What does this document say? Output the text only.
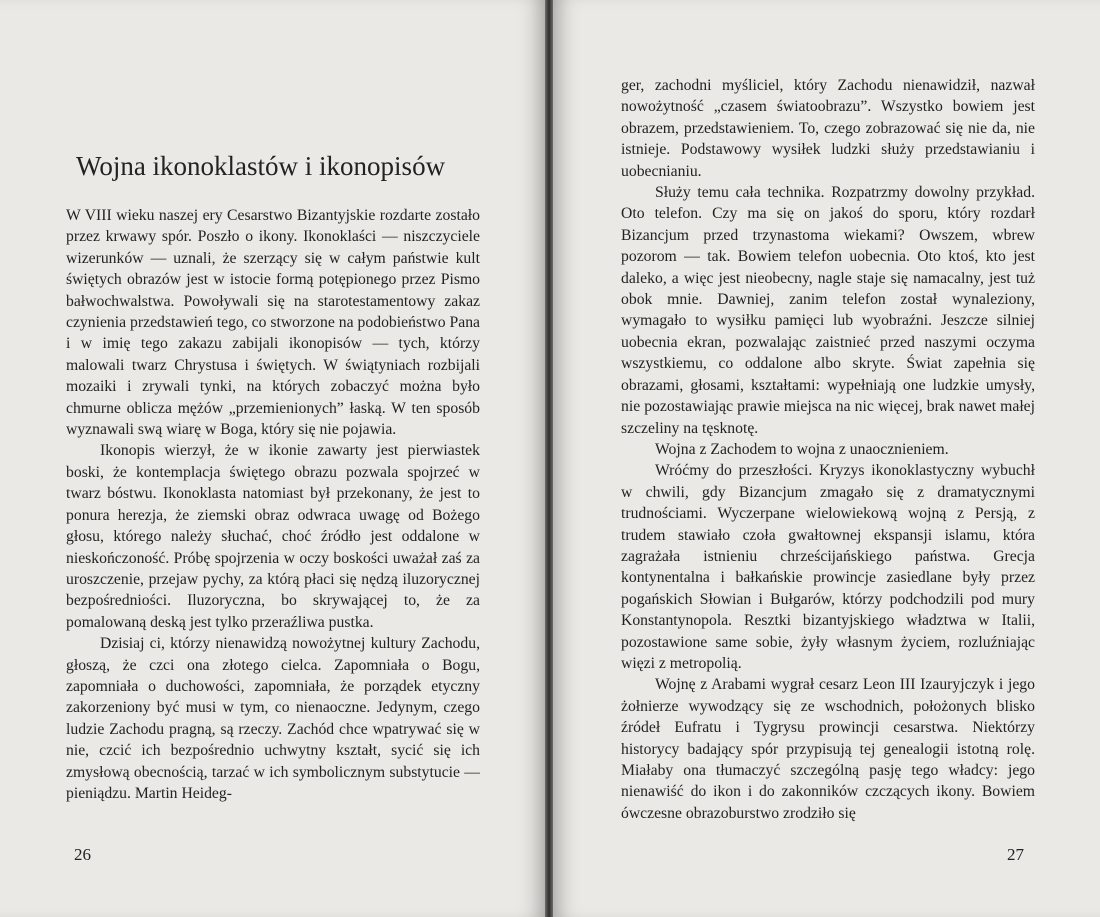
Wojna ikonoklastów i ikonopisów

W VIII wieku naszej ery Cesarstwo Bizantyjskie rozdarte zostało przez krwawy spór. Poszło o ikony. Ikonoklaści — niszczyciele wizerunków — uznali, że szerzący się w całym państwie kult świętych obrazów jest w istocie formą potępionego przez Pismo bałwochwalstwa. Powoływali się na starotestamentowy zakaz czynienia przedstawień tego, co stworzone na podobieństwo Pana i w imię tego zakazu zabijali ikonopisów — tych, którzy malowali twarz Chrystusa i świętych. W świątyniach rozbijali mozaiki i zrywali tynki, na których zobaczyć można było chmurne oblicza mężów „przemienionych” łaską. W ten sposób wyznawali swą wiarę w Boga, który się nie pojawia.

Ikonopis wierzył, że w ikonie zawarty jest pierwiastek boski, że kontemplacja świętego obrazu pozwala spojrzeć w twarz bóstwu. Ikonoklasta natomiast był przekonany, że jest to ponura herezja, że ziemski obraz odwraca uwagę od Bożego głosu, którego należy słuchać, choć źródło jest oddalone w nieskończoność. Próbę spojrzenia w oczy boskości uważał zaś za uroszczenie, przejaw pychy, za którą płaci się nędzą iluzorycznej bezpośredniości. Iluzoryczna, bo skrywającej to, że za pomalowaną deską jest tylko przeraźliwa pustka.

Dzisiaj ci, którzy nienawidzą nowożytnej kultury Zachodu, głoszą, że czci ona złotego cielca. Zapomniała o Bogu, zapomniała o duchowości, zapomniała, że porządek etyczny zakorzeniony być musi w tym, co nienaoczne. Jedynym, czego ludzie Zachodu pragną, są rzeczy. Zachód chce wpatrywać się w nie, czcić ich bezpośrednio uchwytny kształt, sycić się ich zmysłową obecnością, tarzać w ich symbolicznym substytucie — pieniądzu. Martin Heideg-

26

ger, zachodni myśliciel, który Zachodu nienawidził, nazwał nowożytność „czasem światoobrazu”. Wszystko bowiem jest obrazem, przedstawieniem. To, czego zobrazować się nie da, nie istnieje. Podstawowy wysiłek ludzki służy przedstawianiu i uobecnianiu.

Służy temu cała technika. Rozpatrzmy dowolny przykład. Oto telefon. Czy ma się on jakoś do sporu, który rozdarł Bizancjum przed trzynastoma wiekami? Owszem, wbrew pozorom — tak. Bowiem telefon uobecnia. Oto ktoś, kto jest daleko, a więc jest nieobecny, nagle staje się namacalny, jest tuż obok mnie. Dawniej, zanim telefon został wynaleziony, wymagało to wysiłku pamięci lub wyobraźni. Jeszcze silniej uobecnia ekran, pozwalając zaistnieć przed naszymi oczyma wszystkiemu, co oddalone albo skryte. Świat zapełnia się obrazami, głosami, kształtami: wypełniają one ludzkie umysły, nie pozostawiając prawie miejsca na nic więcej, brak nawet małej szczeliny na tęsknotę.

Wojna z Zachodem to wojna z unaocznieniem.

Wróćmy do przeszłości. Kryzys ikonoklastyczny wybuchł w chwili, gdy Bizancjum zmagało się z dramatycznymi trudnościami. Wyczerpane wielowiekową wojną z Persją, z trudem stawiało czoła gwałtownej ekspansji islamu, która zagrażała istnieniu chrześcijańskiego państwa. Grecja kontynentalna i bałkańskie prowincje zasiedlane były przez pogańskich Słowian i Bułgarów, którzy podchodzili pod mury Konstantynopola. Resztki bizantyjskiego władztwa w Italii, pozostawione same sobie, żyły własnym życiem, rozluźniając więzi z metropolią.

Wojnę z Arabami wygrał cesarz Leon III Izauryjczyk i jego żołnierze wywodzący się ze wschodnich, położonych blisko źródeł Eufratu i Tygrysu prowincji cesarstwa. Niektórzy historycy badający spór przypisują tej genealogii istotną rolę. Miałaby ona tłumaczyć szczególną pasję tego władcy: jego nienawiść do ikon i do zakonników czczących ikony. Bowiem ówczesne obrazoburstwo zrodziło się

27
